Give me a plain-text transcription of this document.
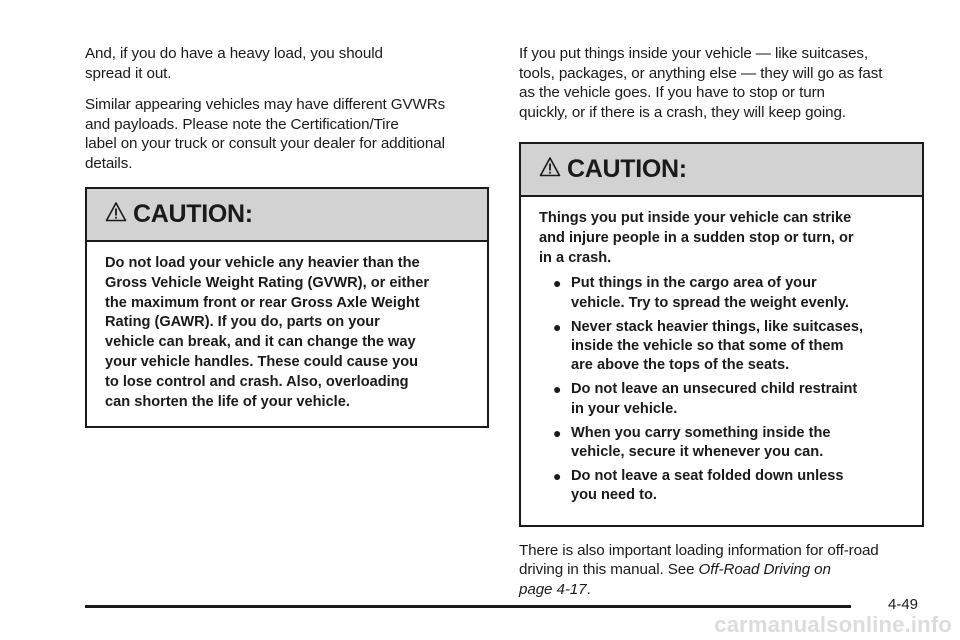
And, if you do have a heavy load, you should
spread it out.

Similar appearing vehicles may have different GVWRs
and payloads. Please note the Certification/Tire
label on your truck or consult your dealer for additional
details.

CAUTION:

Do not load your vehicle any heavier than the
Gross Vehicle Weight Rating (GVWR), or either
the maximum front or rear Gross Axle Weight
Rating (GAWR). If you do, parts on your
vehicle can break, and it can change the way
your vehicle handles. These could cause you
to lose control and crash. Also, overloading
can shorten the life of your vehicle.

If you put things inside your vehicle — like suitcases,
tools, packages, or anything else — they will go as fast
as the vehicle goes. If you have to stop or turn
quickly, or if there is a crash, they will keep going.

CAUTION:

Things you put inside your vehicle can strike
and injure people in a sudden stop or turn, or
in a crash.

● Put things in the cargo area of your
vehicle. Try to spread the weight evenly.
● Never stack heavier things, like suitcases,
inside the vehicle so that some of them
are above the tops of the seats.
● Do not leave an unsecured child restraint
in your vehicle.
● When you carry something inside the
vehicle, secure it whenever you can.
● Do not leave a seat folded down unless
you need to.

There is also important loading information for off-road
driving in this manual. See Off-Road Driving on
page 4-17.

4-49
carmanualsonline.info
